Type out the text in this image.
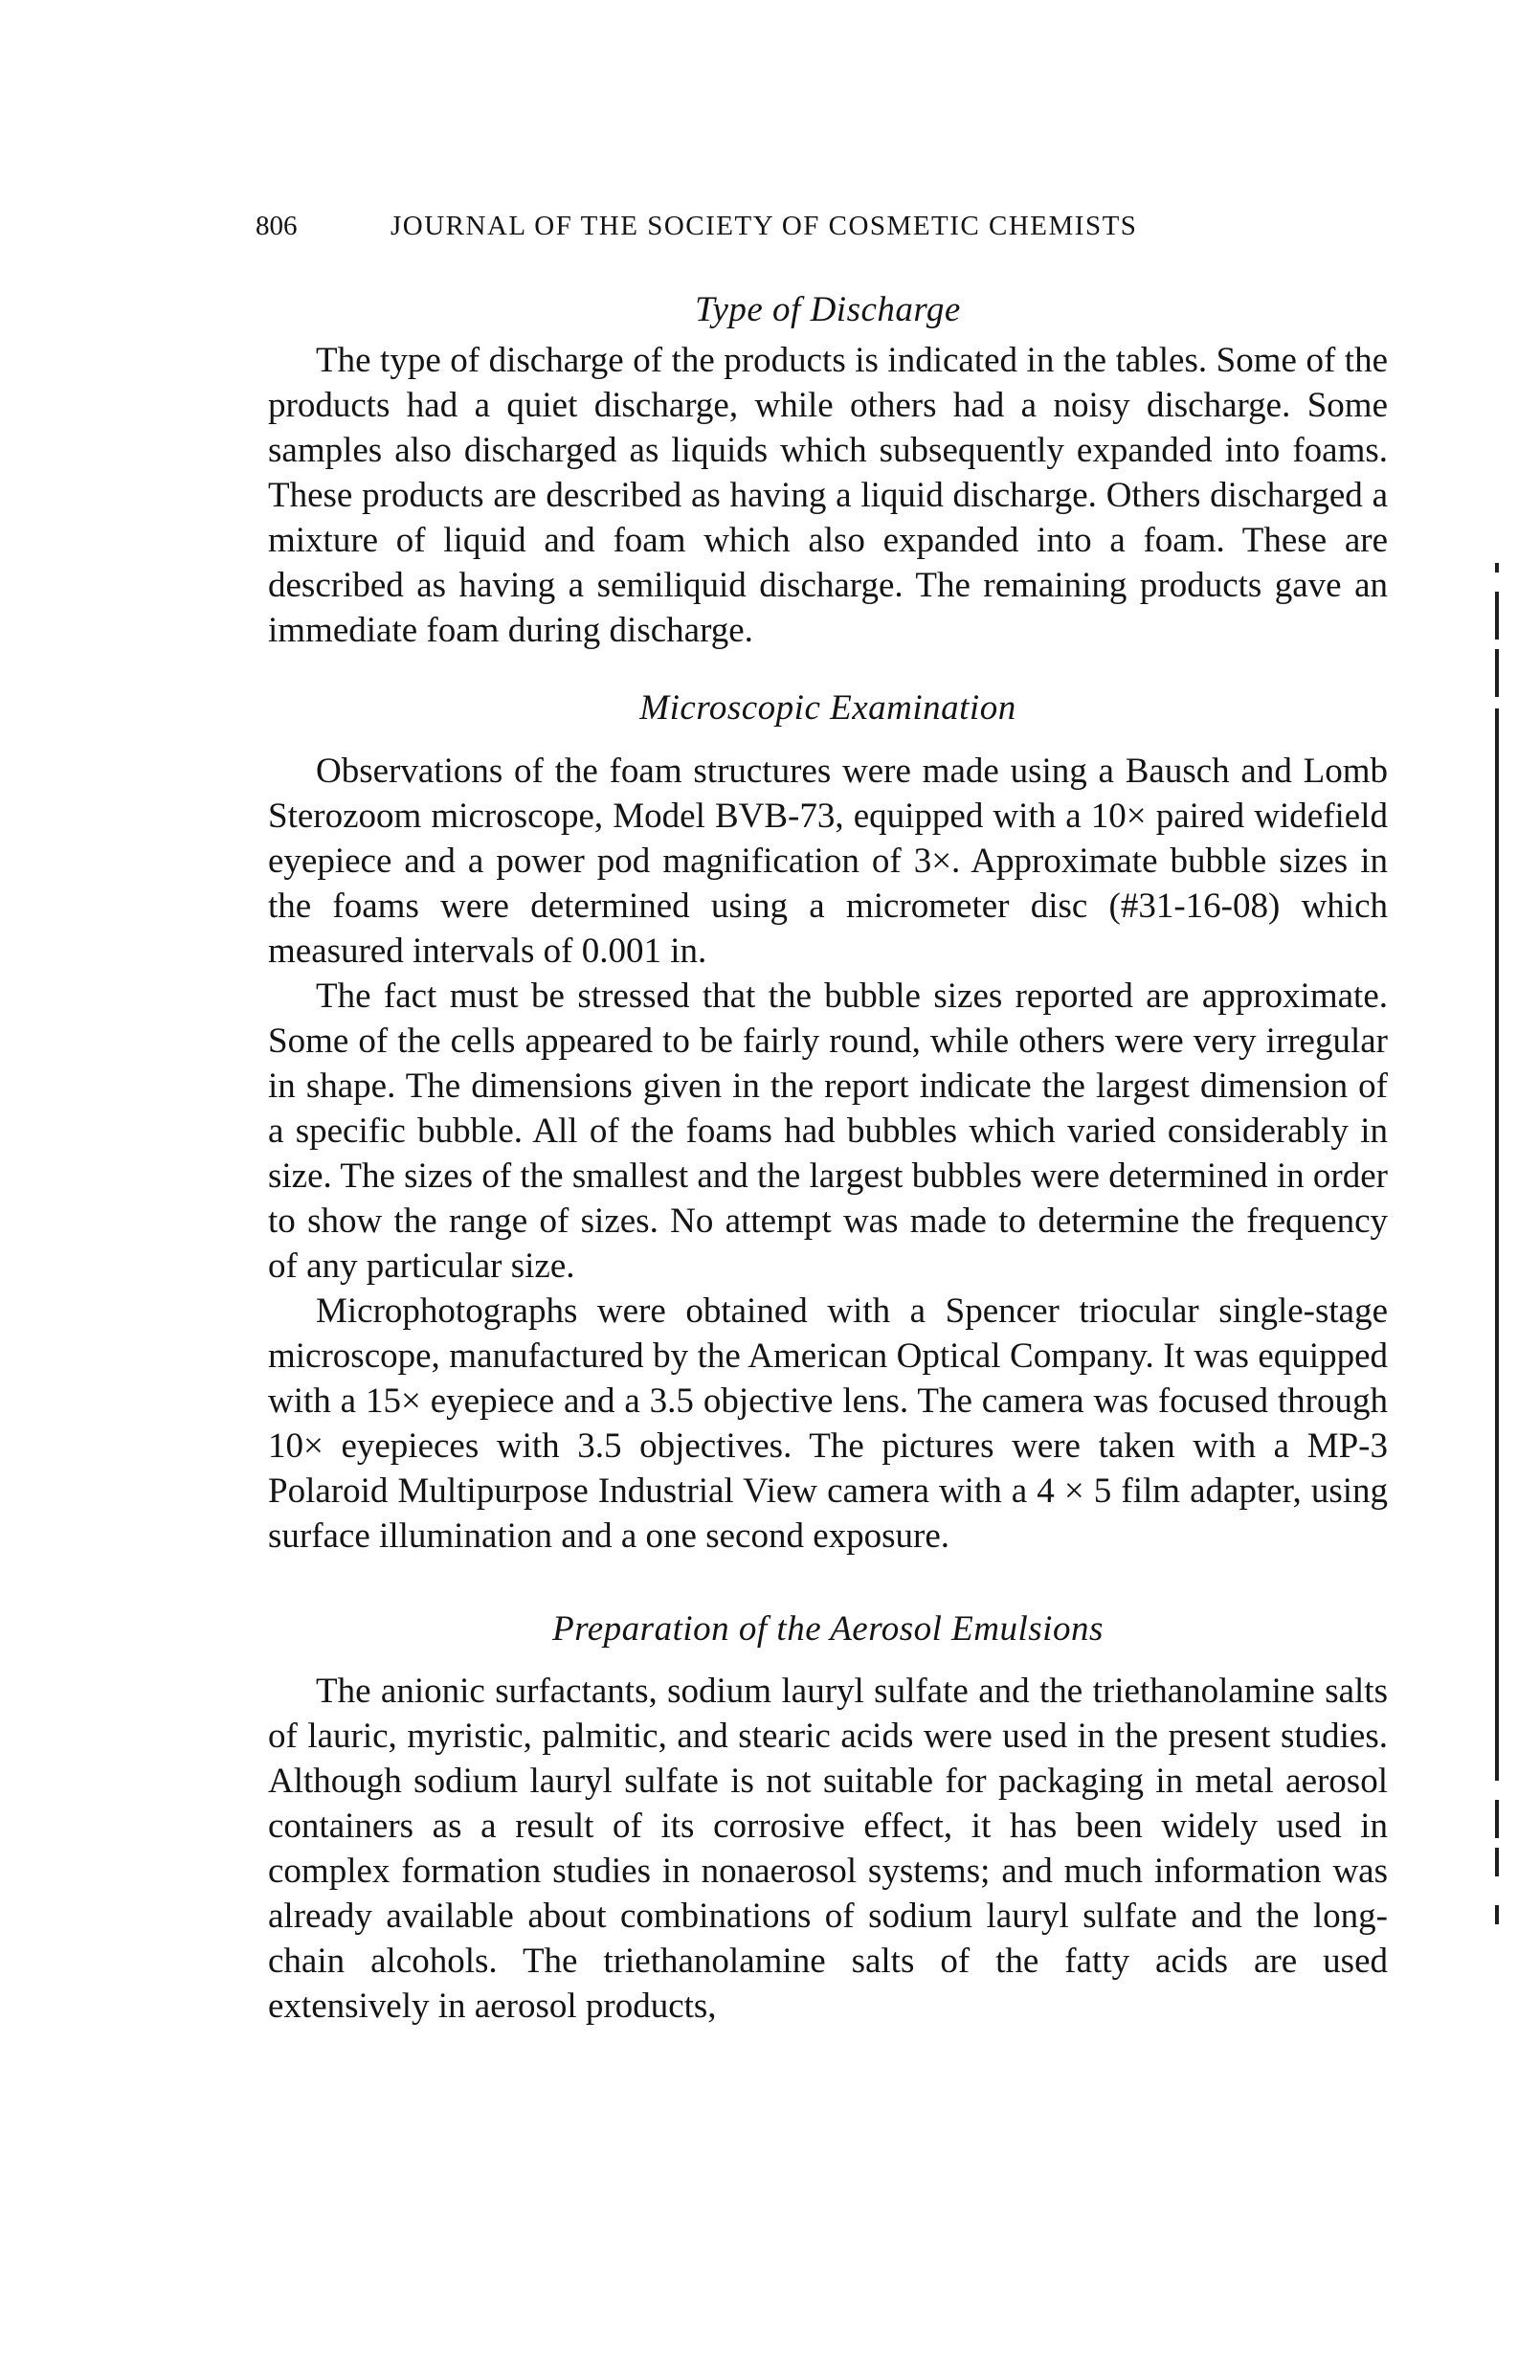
806	JOURNAL OF THE SOCIETY OF COSMETIC CHEMISTS
Type of Discharge

The type of discharge of the products is indicated in the tables. Some of the products had a quiet discharge, while others had a noisy discharge. Some samples also discharged as liquids which subsequently expanded into foams. These products are described as having a liquid discharge. Others discharged a mixture of liquid and foam which also expanded into a foam. These are described as having a semiliquid discharge. The remaining products gave an immediate foam during discharge.

Microscopic Examination

Observations of the foam structures were made using a Bausch and Lomb Sterozoom microscope, Model BVB-73, equipped with a 10× paired widefield eyepiece and a power pod magnification of 3×. Approximate bubble sizes in the foams were determined using a micrometer disc (#31-16-08) which measured intervals of 0.001 in.

The fact must be stressed that the bubble sizes reported are approximate. Some of the cells appeared to be fairly round, while others were very irregular in shape. The dimensions given in the report indicate the largest dimension of a specific bubble. All of the foams had bubbles which varied considerably in size. The sizes of the smallest and the largest bubbles were determined in order to show the range of sizes. No attempt was made to determine the frequency of any particular size.

Microphotographs were obtained with a Spencer triocular single-stage microscope, manufactured by the American Optical Company. It was equipped with a 15× eyepiece and a 3.5 objective lens. The camera was focused through 10× eyepieces with 3.5 objectives. The pictures were taken with a MP-3 Polaroid Multipurpose Industrial View camera with a 4 × 5 film adapter, using surface illumination and a one second exposure.

Preparation of the Aerosol Emulsions

The anionic surfactants, sodium lauryl sulfate and the triethanolamine salts of lauric, myristic, palmitic, and stearic acids were used in the present studies. Although sodium lauryl sulfate is not suitable for packaging in metal aerosol containers as a result of its corrosive effect, it has been widely used in complex formation studies in nonaerosol systems; and much information was already available about combinations of sodium lauryl sulfate and the long-chain alcohols. The triethanolamine salts of the fatty acids are used extensively in aerosol products,
